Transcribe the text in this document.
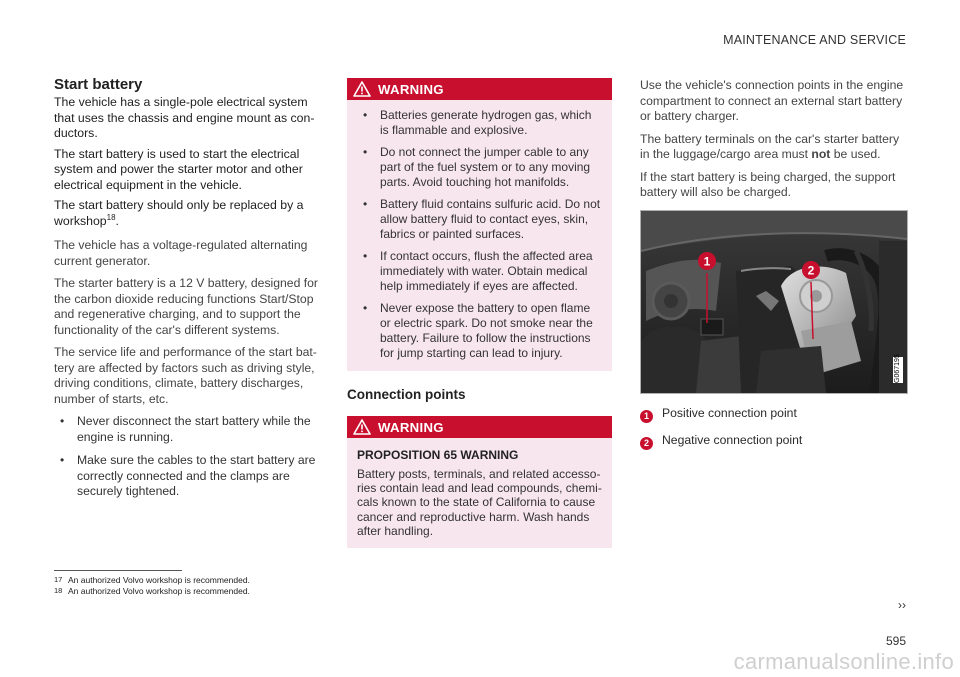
MAINTENANCE AND SERVICE
Start battery

The vehicle has a single-pole electrical system that uses the chassis and engine mount as con-ductors.

The start battery is used to start the electrical system and power the starter motor and other electrical equipment in the vehicle.

The start battery should only be replaced by a workshop$^{18}$.

The vehicle has a voltage-regulated alternating current generator.

The starter battery is a 12 V battery, designed for the carbon dioxide reducing functions Start/Stop and regenerative charging, and to support the functionality of the car's different systems.

The service life and performance of the start bat-tery are affected by factors such as driving style, driving conditions, climate, battery discharges, number of starts, etc.

• Never disconnect the start battery while the engine is running.
• Make sure the cables to the start battery are correctly connected and the clamps are securely tightened.
WARNING
• Batteries generate hydrogen gas, which is flammable and explosive.
• Do not connect the jumper cable to any part of the fuel system or to any moving parts. Avoid touching hot manifolds.
• Battery fluid contains sulfuric acid. Do not allow battery fluid to contact eyes, skin, fabrics or painted surfaces.
• If contact occurs, flush the affected area immediately with water. Obtain medical help immediately if eyes are affected.
• Never expose the battery to open flame or electric spark. Do not smoke near the battery. Failure to follow the instructions for jump starting can lead to injury.
Connection points
WARNING
PROPOSITION 65 WARNING

Battery posts, terminals, and related accesso-ries contain lead and lead compounds, chemi-cals known to the state of California to cause cancer and reproductive harm. Wash hands after handling.

Use the vehicle's connection points in the engine compartment to connect an external start battery or battery charger.

The battery terminals on the car's starter battery in the luggage/cargo area must not be used.

If the start battery is being charged, the support battery will also be charged.

1
2
G067195
1	Positive connection point
2	Negative connection point
17 An authorized Volvo workshop is recommended.
18 An authorized Volvo workshop is recommended.
››
595
carmanualsonline.info
